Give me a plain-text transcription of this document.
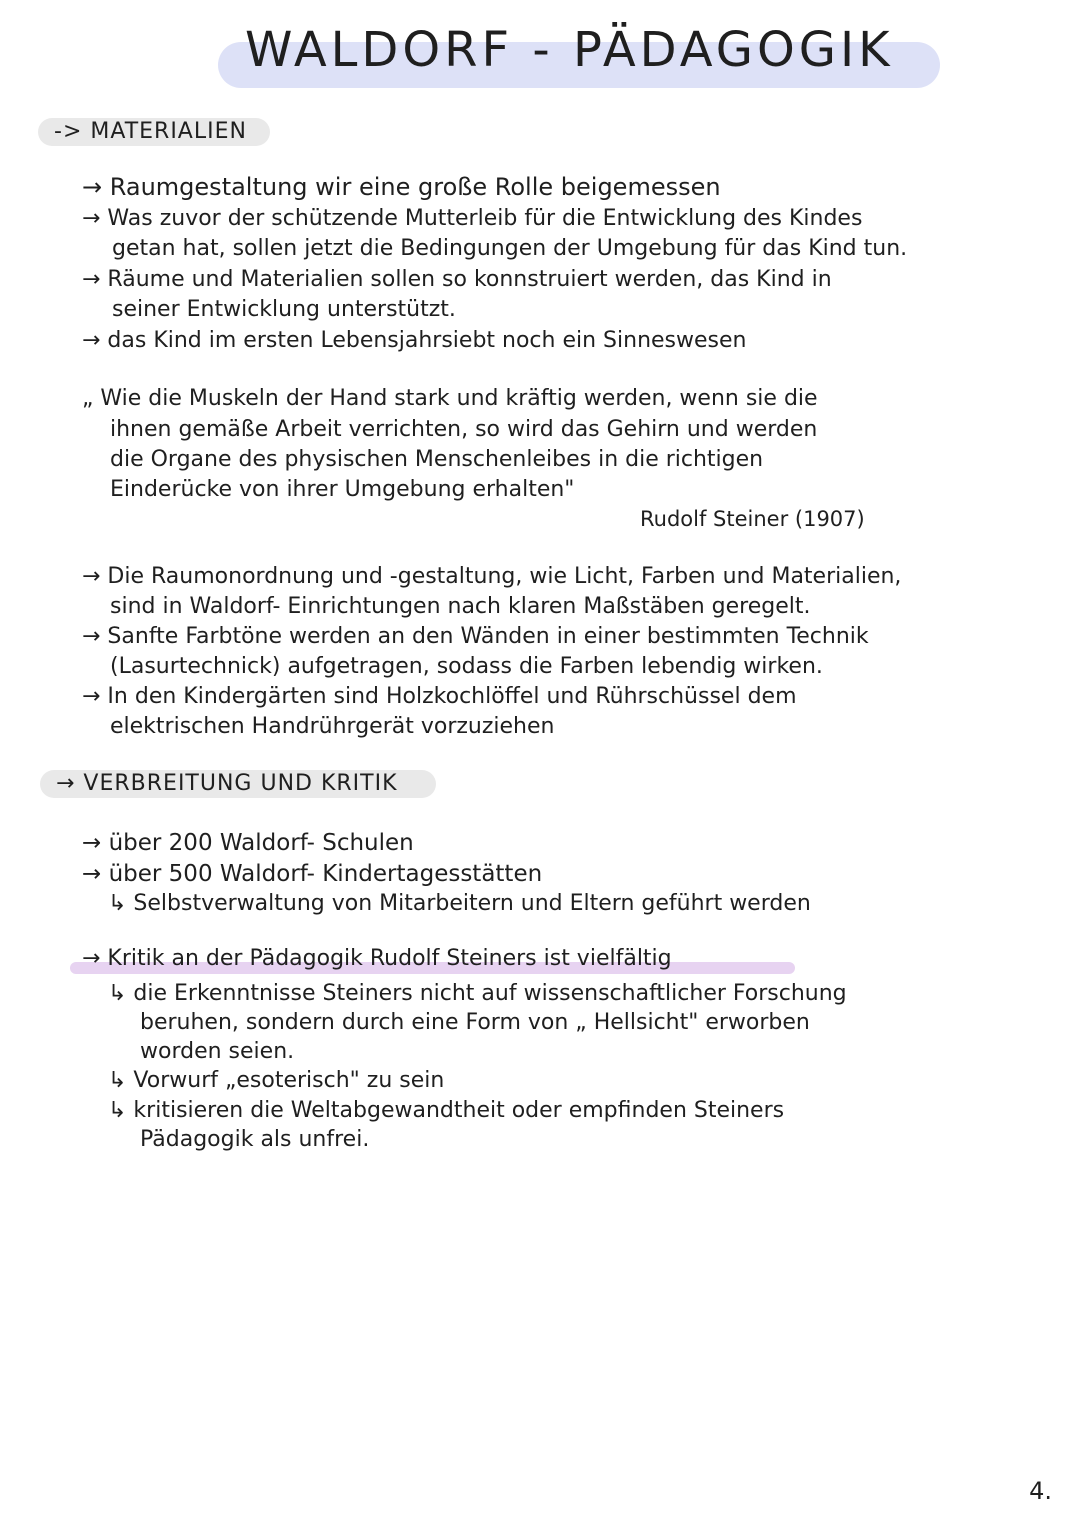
WALDORF - PÄDAGOGIK
-> MATERIALIEN
→ Raumgestaltung wir eine große Rolle beigemessen
→ Was zuvor der schützende Mutterleib für die Entwicklung des Kindes
getan hat, sollen jetzt die Bedingungen der Umgebung für das Kind tun.
→ Räume und Materialien sollen so konnstruiert werden, das Kind in
seiner Entwicklung unterstützt.
→ das Kind im ersten Lebensjahrsiebt noch ein Sinneswesen
„ Wie die Muskeln der Hand stark und kräftig werden, wenn sie die
ihnen gemäße Arbeit verrichten, so wird das Gehirn und werden
die Organe des physischen Menschenleibes in die richtigen
Einderücke von ihrer Umgebung erhalten"
Rudolf Steiner (1907)
→ Die Raumonordnung und -gestaltung, wie Licht, Farben und Materialien,
sind in Waldorf- Einrichtungen nach klaren Maßstäben geregelt.
→ Sanfte Farbtöne werden an den Wänden in einer bestimmten Technik
(Lasurtechnick) aufgetragen, sodass die Farben lebendig wirken.
→ In den Kindergärten sind Holzkochlöffel und Rührschüssel dem
elektrischen Handrührgerät vorzuziehen
→ VERBREITUNG UND KRITIK
→ über 200 Waldorf- Schulen
→ über 500 Waldorf- Kindertagesstätten
↳ Selbstverwaltung von Mitarbeitern und Eltern geführt werden
→ Kritik an der Pädagogik Rudolf Steiners ist vielfältig
↳ die Erkenntnisse Steiners nicht auf wissenschaftlicher Forschung
beruhen, sondern durch eine Form von „ Hellsicht" erworben
worden seien.
↳ Vorwurf „esoterisch" zu sein
↳ kritisieren die Weltabgewandtheit oder empfinden Steiners
Pädagogik als unfrei.
4.
